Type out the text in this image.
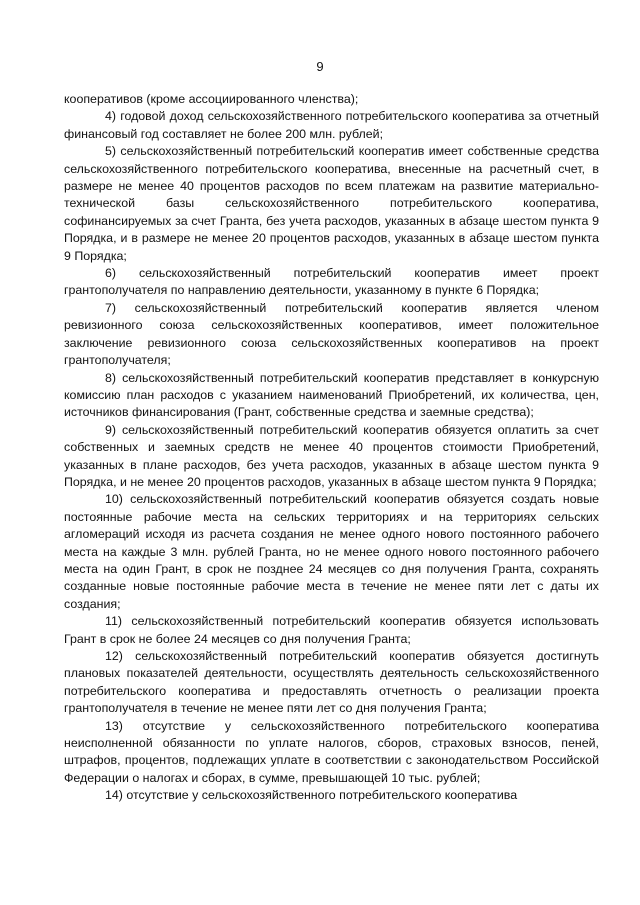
9

кооперативов (кроме ассоциированного членства);

4) годовой доход сельскохозяйственного потребительского кооператива за отчетный финансовый год составляет не более 200 млн. рублей;

5) сельскохозяйственный потребительский кооператив имеет собственные средства сельскохозяйственного потребительского кооператива, внесенные на расчетный счет, в размере не менее 40 процентов расходов по всем платежам на развитие материально-технической базы сельскохозяйственного потребительского кооператива, софинансируемых за счет Гранта, без учета расходов, указанных в абзаце шестом пункта 9 Порядка, и в размере не менее 20 процентов расходов, указанных в абзаце шестом пункта 9 Порядка;

6) сельскохозяйственный потребительский кооператив имеет проект грантополучателя по направлению деятельности, указанному в пункте 6 Порядка;

7) сельскохозяйственный потребительский кооператив является членом ревизионного союза сельскохозяйственных кооперативов, имеет положительное заключение ревизионного союза сельскохозяйственных кооперативов на проект грантополучателя;

8) сельскохозяйственный потребительский кооператив представляет в конкурсную комиссию план расходов с указанием наименований Приобретений, их количества, цен, источников финансирования (Грант, собственные средства и заемные средства);

9) сельскохозяйственный потребительский кооператив обязуется оплатить за счет собственных и заемных средств не менее 40 процентов стоимости Приобретений, указанных в плане расходов, без учета расходов, указанных в абзаце шестом пункта 9 Порядка, и не менее 20 процентов расходов, указанных в абзаце шестом пункта 9 Порядка;

10) сельскохозяйственный потребительский кооператив обязуется создать новые постоянные рабочие места на сельских территориях и на территориях сельских агломераций исходя из расчета создания не менее одного нового постоянного рабочего места на каждые 3 млн. рублей Гранта, но не менее одного нового постоянного рабочего места на один Грант, в срок не позднее 24 месяцев со дня получения Гранта, сохранять созданные новые постоянные рабочие места в течение не менее пяти лет с даты их создания;

11) сельскохозяйственный потребительский кооператив обязуется использовать Грант в срок не более 24 месяцев со дня получения Гранта;

12) сельскохозяйственный потребительский кооператив обязуется достигнуть плановых показателей деятельности, осуществлять деятельность сельскохозяйственного потребительского кооператива и предоставлять отчетность о реализации проекта грантополучателя в течение не менее пяти лет со дня получения Гранта;

13) отсутствие у сельскохозяйственного потребительского кооператива неисполненной обязанности по уплате налогов, сборов, страховых взносов, пеней, штрафов, процентов, подлежащих уплате в соответствии с законодательством Российской Федерации о налогах и сборах, в сумме, превышающей 10 тыс. рублей;

14) отсутствие у сельскохозяйственного потребительского кооператива
